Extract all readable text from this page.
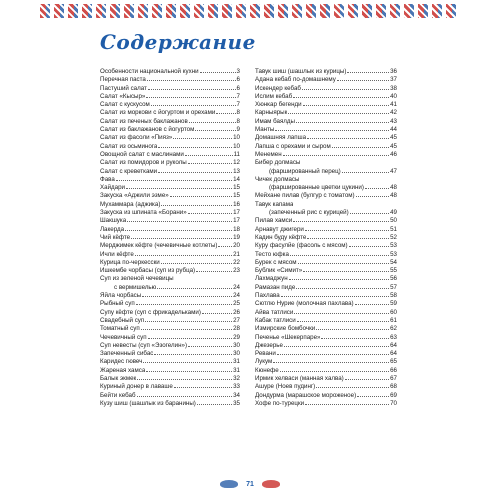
Содержание
Особенности национальной кухни	3
Перечная паста	6
Пастуший салат	6
Салат «Кысыр»	7
Салат с кускусом	7
Салат из моркови с йогуртом и орехами	8
Салат из печеных баклажанов	8
Салат из баклажанов с йогуртом	9
Салат из фасоли «Пияз»	10
Салат из осьминога	10
Овощной салат с маслинами	11
Салат из помидоров и руколы	12
Салат с креветками	13
Фава	14
Хайдари	15
Закуска «Аджили эзме»	15
Мухаммара (аджика)	16
Закуска из шпината «Борани»	17
Шакшука	17
Лакерда	18
Чий кёфте	19
Мерджимек кёфте (чечевичные котлеты)	20
Ичли кёфте	21
Курица по-черкесски	22
Ишкембе чорбасы (суп из рубца)	23
Суп из зеленой чечевицы
с вермишелью	24
Яйла чорбасы	24
Рыбный суп	25
Супу кёфте (суп с фрикадельками)	26
Свадебный суп	27
Томатный суп	28
Чечевичный суп	29
Суп невесты (суп «Эзогелин»)	30
Запеченный сибас	30
Каридес гювеч	31
Жареная хамса	31
Балык экмек	32
Куриный донер в лаваше	33
Бейти кебаб	34
Кузу шиш (шашлык из баранины)	35
Тавук шиш (шашлык из курицы)	36
Адана кебаб по-домашнему	37
Искендер кебаб	38
Ислим кебаб	40
Хюнкар бегенди	41
Карныярык	42
Имам баялды	43
Манты	44
Домашняя лапша	45
Лапша с орехами и сыром	45
Менемен	46
Бибер долмасы
(фаршированный перец)	47
Чичек долмасы
(фаршированные цветки цукини)	48
Мейхане пилав (булгур с томатом)	48
Тавук капама
(запеченный рис с курицей)	49
Пилав хамси	50
Арнавут джигери	51
Кадин буду кёфте	52
Куру фасулйе (фасоль с мясом)	53
Тесто юфка	53
Бурек с мясом	54
Бублик «Симит»	55
Лахмаджун	56
Рамазан пиде	57
Пахлава	58
Сютлю Нурие (молочная пахлава)	59
Айва татлиси	60
Кабак татлиси	61
Измирские бомбочки	62
Печенье «Шекерпаре»	63
Джезерье	64
Ревани	64
Лукум	65
Кюнефе	66
Ирмик хелваси (манная халва)	67
Ашуре (Ноев пудинг)	68
Дондурма (марашское мороженое)	69
Хофе по-турецки	70
71
